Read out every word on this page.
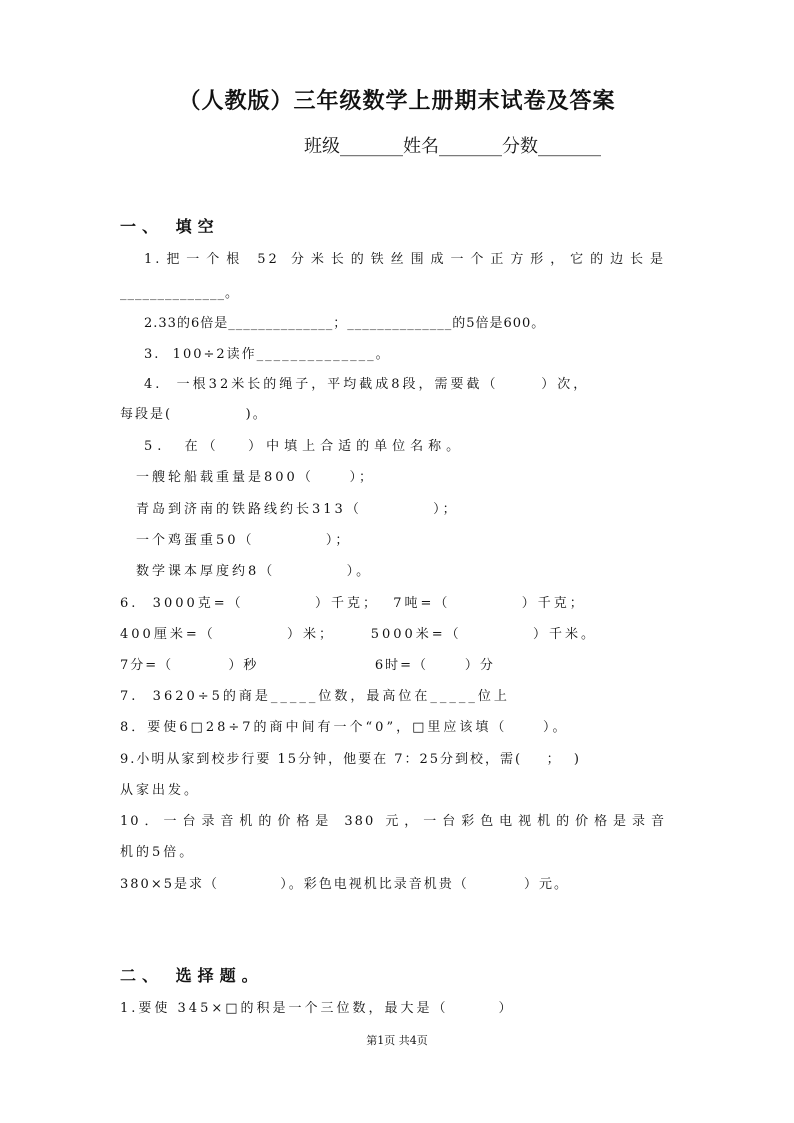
（人教版）三年级数学上册期末试卷及答案
班级_______姓名_______分数_______
一、 填空
1.把一个根 52 分米长的铁丝围成一个正方形，它的边长是
______________。
2.33的6倍是______________；______________的5倍是600。
3.  100÷2读作______________。
4.  一根32米长的绳子，平均截成8段，需要截（      ）次，
每段是(            )。
5.  在（   ）中填上合适的单位名称。
一艘轮船载重量是800（     ）；
青岛到济南的铁路线约长313（          ）；
一个鸡蛋重50（          ）；
数学课本厚度约8（          ）。
6.  3000克=（          ）千克；  7吨=（          ）千克；
400厘米=（          ）米；     5000米=（          ）千米。
7分=（         ）秒                   6时=（      ）分
7.  3620÷5的商是_____位数，最高位在_____位上
8．要使6□28÷7的商中间有一个“0”，□里应该填（     ）。
9.小明从家到校步行要 15分钟，他要在 7：25分到校，需(    ；  )
从家出发。
10．一台录音机的价格是 380 元，一台彩色电视机的价格是录音
机的5倍。
380×5是求（          ）。彩色电视机比录音机贵（         ）元。
二、 选择题。
1.要使 345×□的积是一个三位数，最大是（       ）
第1页 共4页
